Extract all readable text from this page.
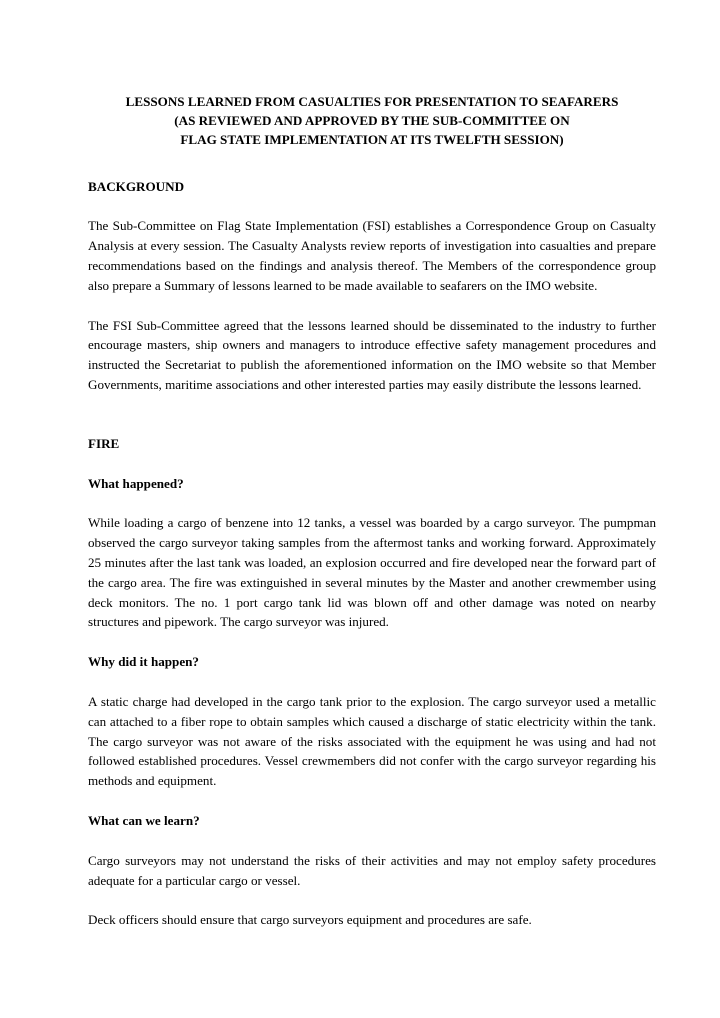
LESSONS LEARNED FROM CASUALTIES FOR PRESENTATION TO SEAFARERS
(AS REVIEWED AND APPROVED BY THE SUB-COMMITTEE ON
FLAG STATE IMPLEMENTATION AT ITS TWELFTH SESSION)
BACKGROUND

The Sub-Committee on Flag State Implementation (FSI) establishes a Correspondence Group on Casualty Analysis at every session. The Casualty Analysts review reports of investigation into casualties and prepare recommendations based on the findings and analysis thereof. The Members of the correspondence group also prepare a Summary of lessons learned to be made available to seafarers on the IMO website.

The FSI Sub-Committee agreed that the lessons learned should be disseminated to the industry to further encourage masters, ship owners and managers to introduce effective safety management procedures and instructed the Secretariat to publish the aforementioned information on the IMO website so that Member Governments, maritime associations and other interested parties may easily distribute the lessons learned.

FIRE
What happened?

While loading a cargo of benzene into 12 tanks, a vessel was boarded by a cargo surveyor. The pumpman observed the cargo surveyor taking samples from the aftermost tanks and working forward. Approximately 25 minutes after the last tank was loaded, an explosion occurred and fire developed near the forward part of the cargo area. The fire was extinguished in several minutes by the Master and another crewmember using deck monitors. The no. 1 port cargo tank lid was blown off and other damage was noted on nearby structures and pipework. The cargo surveyor was injured.

Why did it happen?

A static charge had developed in the cargo tank prior to the explosion. The cargo surveyor used a metallic can attached to a fiber rope to obtain samples which caused a discharge of static electricity within the tank. The cargo surveyor was not aware of the risks associated with the equipment he was using and had not followed established procedures. Vessel crewmembers did not confer with the cargo surveyor regarding his methods and equipment.

What can we learn?

Cargo surveyors may not understand the risks of their activities and may not employ safety procedures adequate for a particular cargo or vessel.

Deck officers should ensure that cargo surveyors equipment and procedures are safe.
